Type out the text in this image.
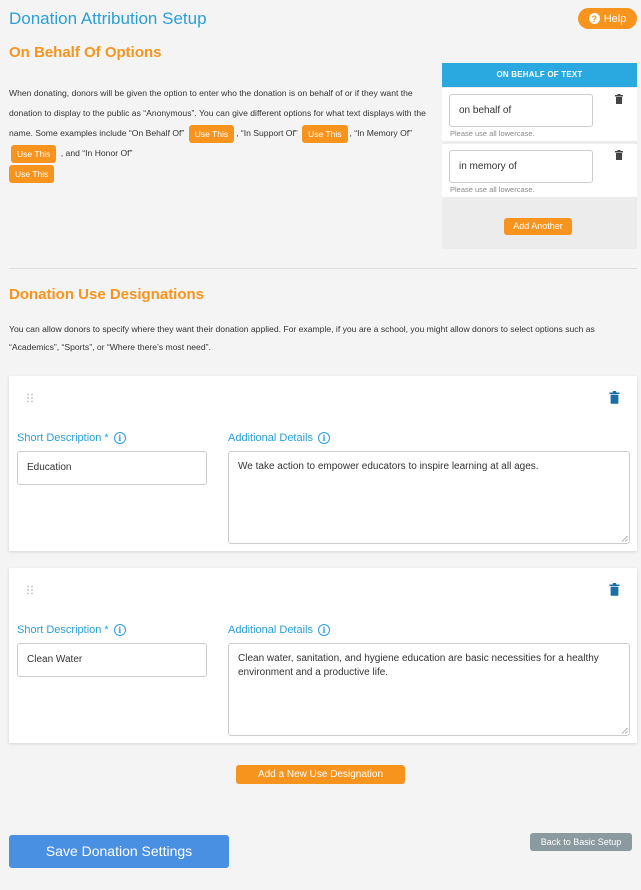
Donation Attribution Setup	? Help
On Behalf Of Options
When donating, donors will be given the option to enter who the donation is on behalf of or if they want the donation to display to the public as “Anonymous”. You can give different options for what text displays with the name. Some examples include “On Behalf Of” Use This , “In Support Of” Use This , “In Memory Of” Use This , and “In Honor Of”
Use This
ON BEHALF OF TEXT
on behalf of
Please use all lowercase.
in memory of
Please use all lowercase.
Add Another
Donation Use Designations
You can allow donors to specify where they want their donation applied. For example, if you are a school, you might allow donors to select options such as “Academics”, “Sports”, or “Where there’s most need”.
Short Description *	i	Additional Details	i
Education	We take action to empower educators to inspire learning at all ages.
Short Description *	i	Additional Details	i
Clean Water	Clean water, sanitation, and hygiene education are basic necessities for a healthy environment and a productive life.
Add a New Use Designation
Save Donation Settings
Back to Basic Setup
